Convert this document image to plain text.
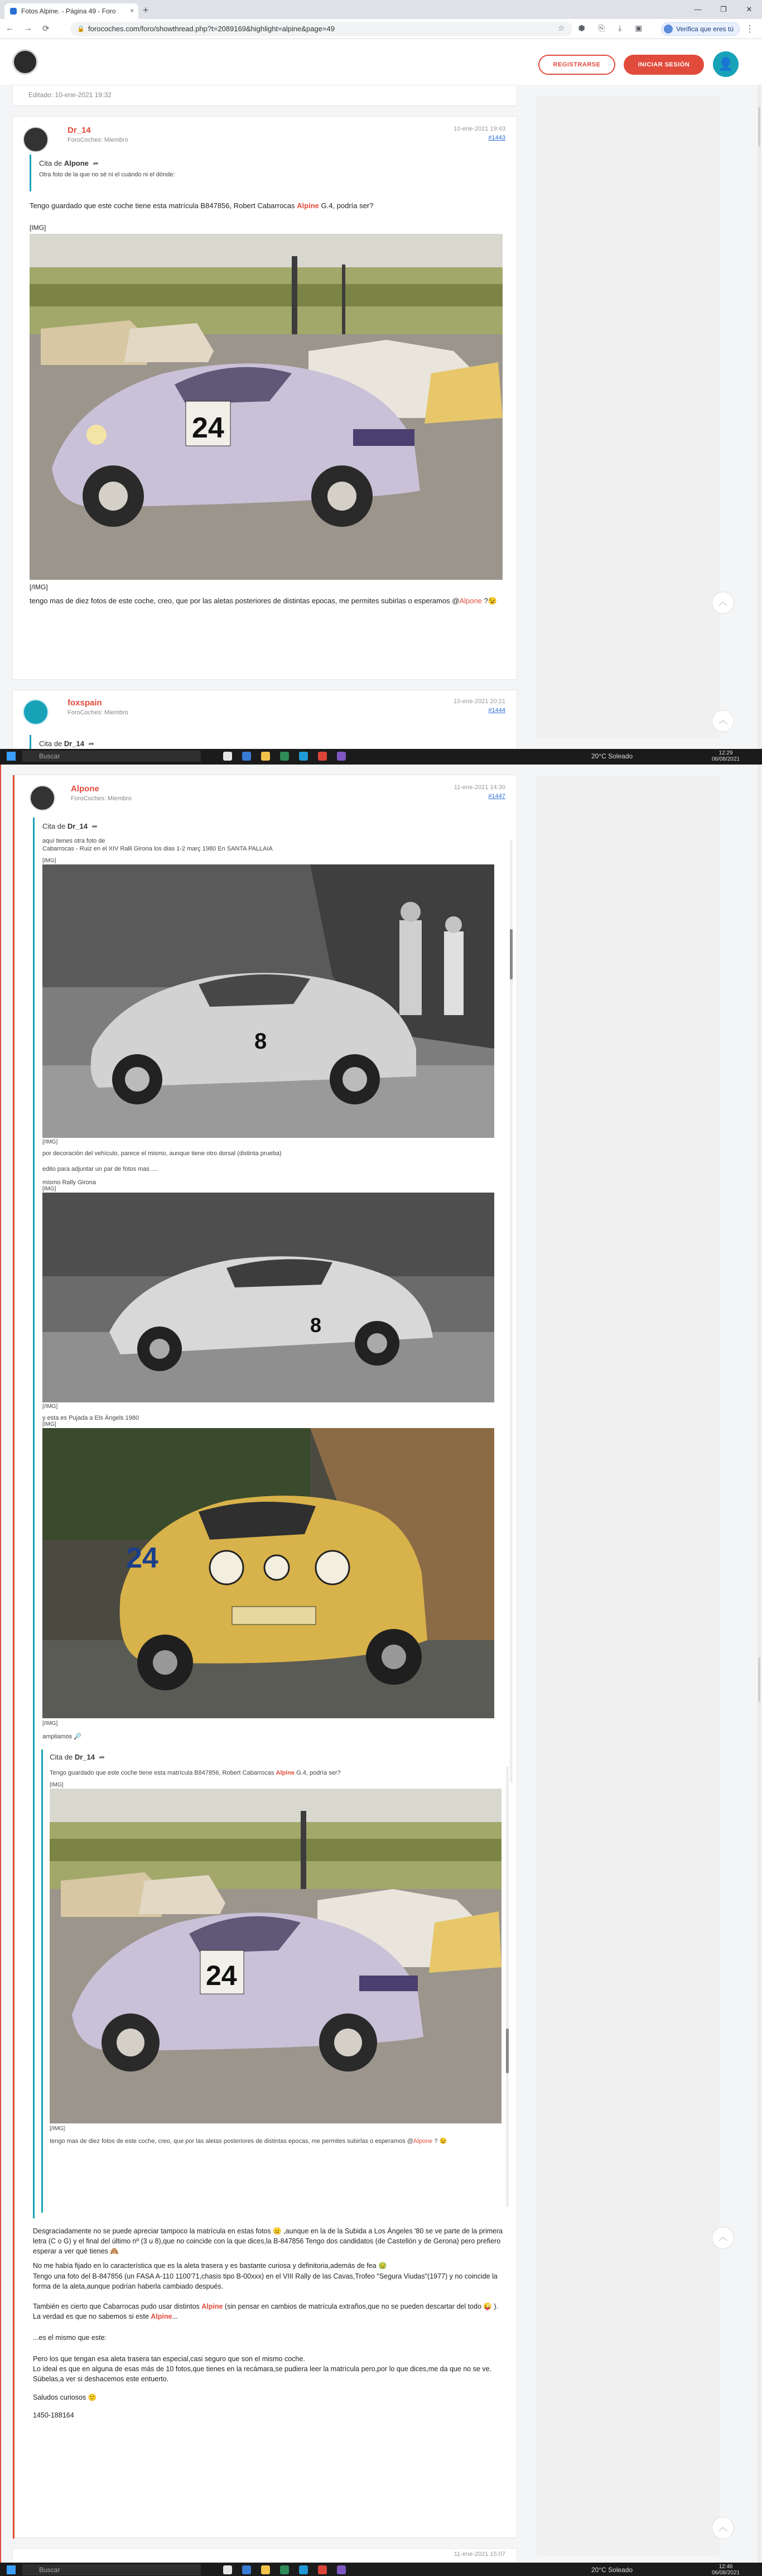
Fotos Alpine. - Página 49 - Foro × +	—	❐	✕
← → ⟳	🔒 forocoches.com/foro/showthread.php?t=2089169&highlight=alpine&page=49	☆ ⬢ ⎘ ⤓ ▣	Verifica que eres tú	⋮
REGISTRARSE	INICIAR SESIÓN	👤
︿
︿
Editado: 10-ene-2021 19:32
Dr_14
ForoCoches: Miembro
10-ene-2021 19:43
#1443
Cita de Alpone  ➦
Otra foto de la que no sé ni el cuándo ni el dónde:
Tengo guardado que este coche tiene esta matrícula B847856, Robert Cabarrocas Alpine G.4, podría ser?
[IMG]
24
[/IMG]
tengo mas de diez fotos de este coche, creo, que por las aletas posteriores de distintas epocas, me permites subirlas o esperamos @Alpone ?😉
foxspain
ForoCoches: Miembro
10-ene-2021 20:21
#1444
Cita de Dr_14  ➦
Buscar	20°C Soleado	12:29
06/08/2021
︿
︿
Alpone
ForoCoches: Miembro
11-ene-2021 14:30
#1447
Cita de Dr_14  ➦
aquí tienes otra foto de
Cabarrocas - Ruiz en el XIV Ralli Girona los dias 1-2 març 1980 En SANTA PALLAIA
[IMG]
8
[/IMG]
por decoración del vehículo, parece el mismo, aunque tiene otro dorsal (distinta prueba)
edito para adjuntar un par de fotos mas ....
mismo Rally Girona
[IMG]
8
[/IMG]
y esta es Pujada a Els Àngels 1980
[IMG]
24
[/IMG]
ampliamos 🔎
Cita de Dr_14  ➦
Tengo guardado que este coche tiene esta matrícula B847856, Robert Cabarrocas Alpine G.4, podría ser?
[IMG]
24
[/IMG]
tengo mas de diez fotos de este coche, creo, que por las aletas posteriores de distintas epocas, me permites subirlas o esperamos @Alpone ? 😉

Desgraciadamente no se puede apreciar tampoco la matrícula en estas fotos 😐 ,aunque en la de la Subida a Los Ángeles '80 se ve parte de la primera letra (C o G) y el final del último nº (3 u 8),que no coincide con la que dices,la B-847856 Tengo dos candidatos (de Castellón y de Gerona) pero prefiero esperar a ver qué tienes 🙈

No me había fijado en lo característica que es la aleta trasera y es bastante curiosa y definitoria,además de fea 🤢

Tengo una foto del B-847856 (un FASA A-110 1100'71,chasis tipo B-00xxx) en el VIII Rally de las Cavas,Trofeo "Segura Viudas"(1977) y no coincide la forma de la aleta,aunque podrían haberla cambiado después.

También es cierto que Cabarrocas pudo usar distintos Alpine (sin pensar en cambios de matrícula extraños,que no se pueden descartar del todo 😜 ).

La verdad es que no sabemos si este Alpine...

...es el mismo que este:

Pero los que tengan esa aleta trasera tan especial,casi seguro que son el mismo coche.

Lo ideal es que en alguna de esas más de 10 fotos,que tienes en la recámara,se pudiera leer la matrícula pero,por lo que dices,me da que no se ve.

Súbelas,a ver si deshacemos este entuerto.

Saludos curiosos 🙂

1450-188164

11-ene-2021 15:07
Buscar	20°C Soleado	12:46
06/08/2021
